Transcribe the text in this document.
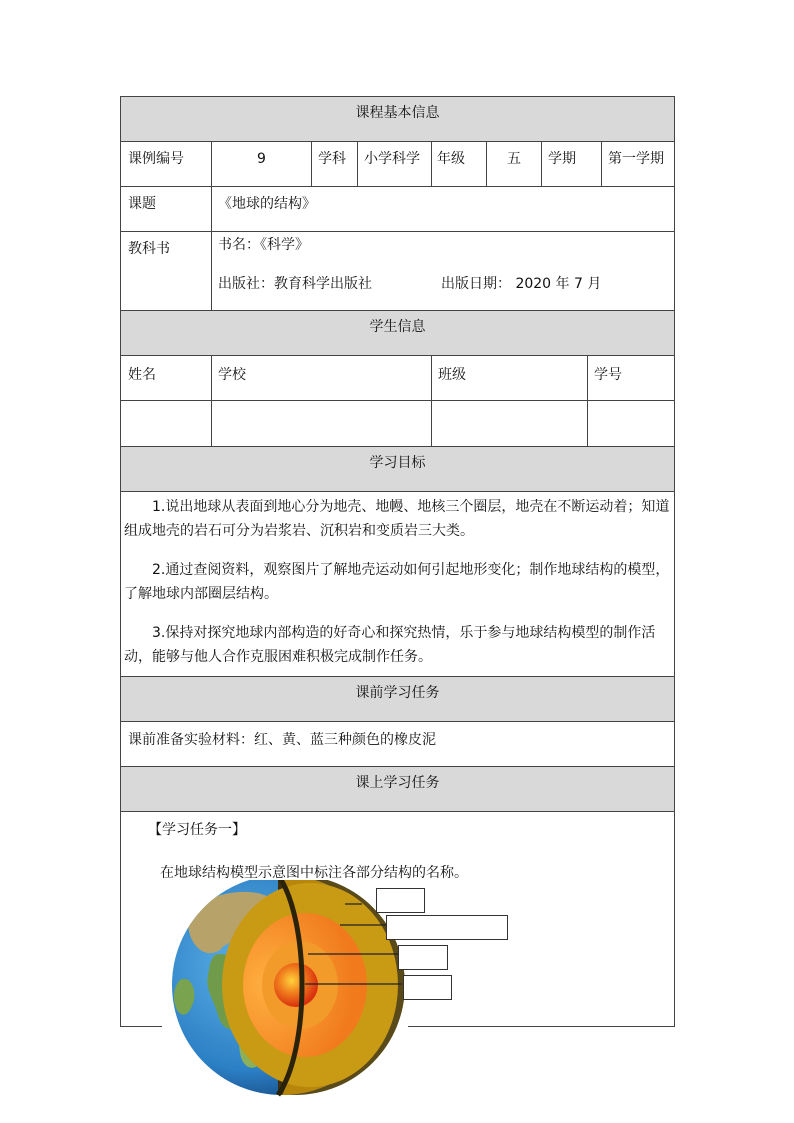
课程基本信息
学生信息
学习目标
课前学习任务
课上学习任务
课例编号	9	学科 小学科学 年级	五	学期 第一学期
课题	《地球的结构》
教科书	书名：《科学》
出版社：教育科学出版社	出版日期： 2020 年 7 月
姓名	学校	班级	学号

1.说出地球从表面到地心分为地壳、地幔、地核三个圈层，地壳在不断运动着；知道组成地壳的岩石可分为岩浆岩、沉积岩和变质岩三大类。

2.通过查阅资料，观察图片了解地壳运动如何引起地形变化；制作地球结构的模型，了解地球内部圈层结构。

3.保持对探究地球内部构造的好奇心和探究热情，乐于参与地球结构模型的制作活动，能够与他人合作克服困难积极完成制作任务。

课前准备实验材料：红、黄、蓝三种颜色的橡皮泥
【学习任务一】
在地球结构模型示意图中标注各部分结构的名称。
